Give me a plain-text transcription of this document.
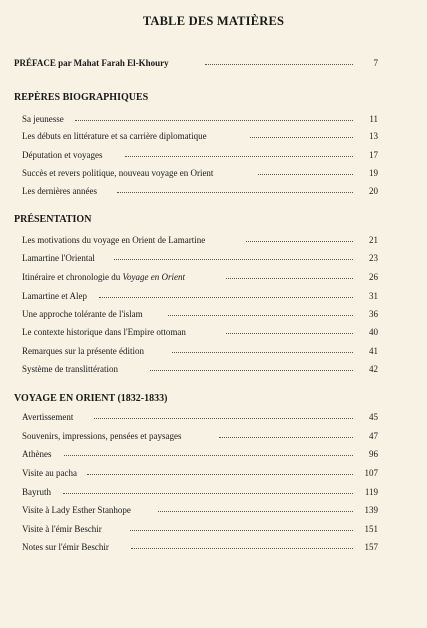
TABLE DES MATIÈRES
PRÉFACE par Mahat Farah El-Khoury	7
REPÈRES BIOGRAPHIQUES
Sa jeunesse	11
Les débuts en littérature et sa carrière diplomatique	13
Députation et voyages	17
Succès et revers politique, nouveau voyage en Orient	19
Les dernières années	20
PRÉSENTATION
Les motivations du voyage en Orient de Lamartine	21
Lamartine l'Oriental	23
Itinéraire et chronologie du Voyage en Orient	26
Lamartine et Alep	31
Une approche tolérante de l'islam	36
Le contexte historique dans l'Empire ottoman	40
Remarques sur la présente édition	41
Système de translittération	42
VOYAGE EN ORIENT (1832-1833)
Avertissement	45
Souvenirs, impressions, pensées et paysages	47
Athènes	96
Visite au pacha	107
Bayruth	119
Visite à Lady Esther Stanhope	139
Visite à l'émir Beschir	151
Notes sur l'émir Beschir	157
